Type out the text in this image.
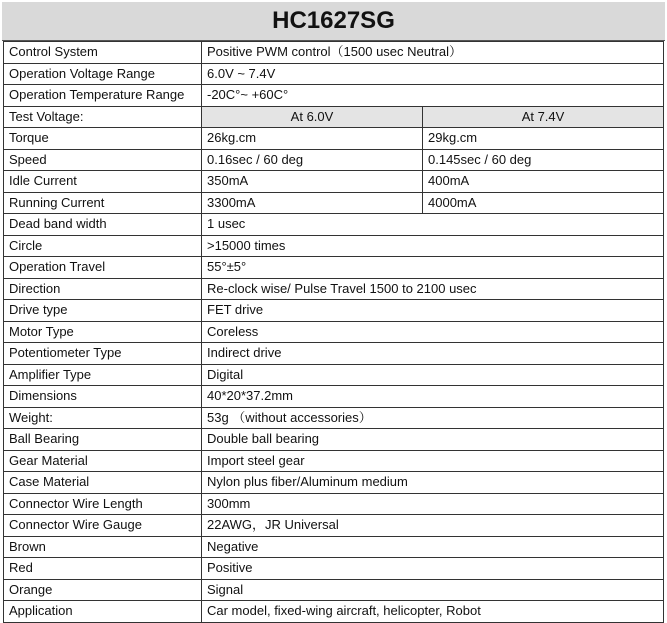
HC1627SG
Control System	Positive PWM control（1500 usec Neutral）	
Operation Voltage Range	6.0V ~ 7.4V	
Operation Temperature Range	-20C°~ +60C°	
Test Voltage:	At 6.0V	At 7.4V
Torque	26kg.cm	29kg.cm
Speed	0.16sec / 60 deg	0.145sec / 60 deg
Idle Current	350mA	400mA
Running Current	3300mA	4000mA
Dead band width	1 usec	
Circle	>15000 times	
Operation Travel	55°±5°	
Direction	Re-clock wise/ Pulse Travel 1500 to 2100 usec	
Drive type	FET drive	
Motor Type	Coreless	
Potentiometer Type	Indirect drive	
Amplifier Type	Digital	
Dimensions	40*20*37.2mm	
Weight:	53g （without accessories）	
Ball Bearing	Double ball bearing	
Gear Material	Import steel gear	
Case Material	Nylon plus fiber/Aluminum medium	
Connector Wire Length	300mm	
Connector Wire Gauge	22AWG，JR Universal	
Brown	Negative	
Red	Positive	
Orange	Signal	
Application	Car model, fixed-wing aircraft, helicopter, Robot	
